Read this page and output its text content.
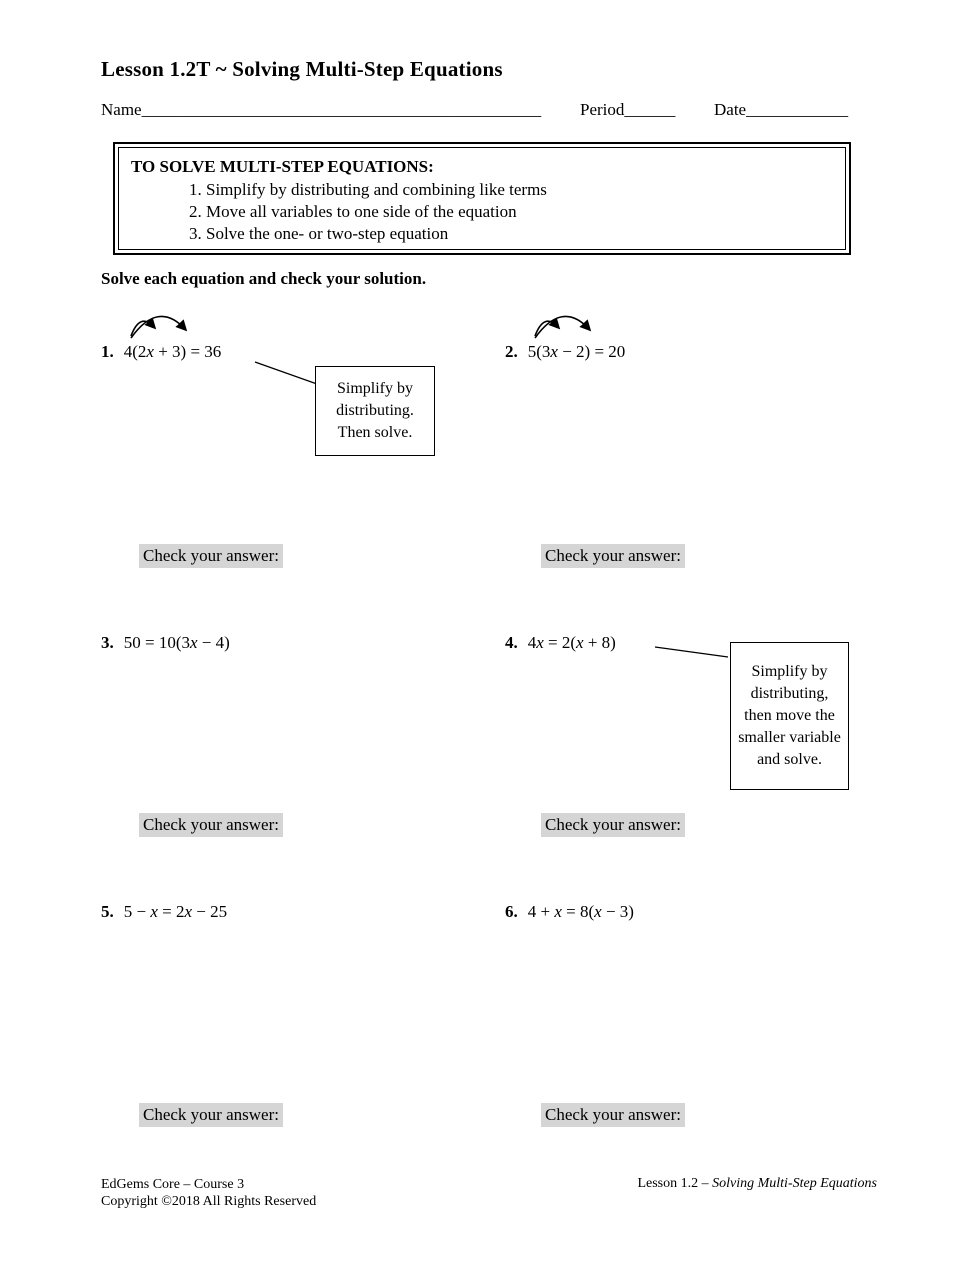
Lesson 1.2T ~ Solving Multi-Step Equations
Name_______________________________________________ Period______ Date____________
TO SOLVE MULTI-STEP EQUATIONS:
1. Simplify by distributing and combining like terms
2. Move all variables to one side of the equation
3. Solve the one- or two-step equation
Solve each equation and check your solution.
1. 4(2x + 3) = 36	2. 5(3x − 2) = 20
Simplify by distributing. Then solve.
Check your answer:	Check your answer:
3. 50 = 10(3x − 4)	4. 4x = 2(x + 8)
Simplify by distributing, then move the smaller variable and solve.
Check your answer:	Check your answer:
5. 5 − x = 2x − 25	6. 4 + x = 8(x − 3)
Check your answer:	Check your answer:
EdGems Core – Course 3
Copyright ©2018 All Rights Reserved
Lesson 1.2 – Solving Multi-Step Equations
